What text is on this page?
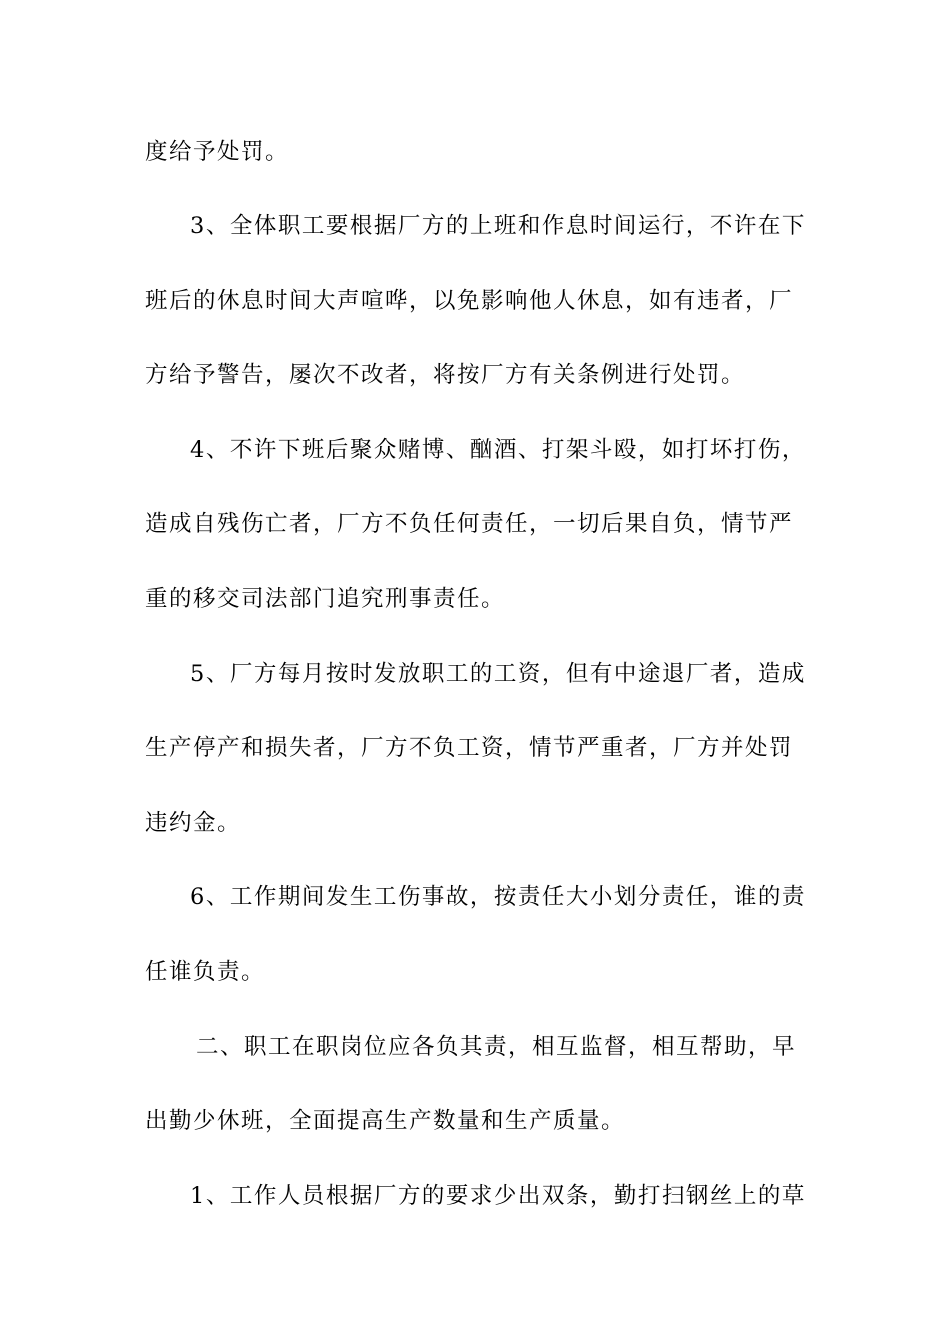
度给予处罚。

3、全体职工要根据厂方的上班和作息时间运行，不许在下

班后的休息时间大声喧哗，以免影响他人休息，如有违者，厂

方给予警告，屡次不改者，将按厂方有关条例进行处罚。

4、不许下班后聚众赌博、酗酒、打架斗殴，如打坏打伤，

造成自残伤亡者，厂方不负任何责任，一切后果自负，情节严

重的移交司法部门追究刑事责任。

5、厂方每月按时发放职工的工资，但有中途退厂者，造成

生产停产和损失者，厂方不负工资，情节严重者，厂方并处罚

违约金。

6、工作期间发生工伤事故，按责任大小划分责任，谁的责

任谁负责。

二、职工在职岗位应各负其责，相互监督，相互帮助，早

出勤少休班，全面提高生产数量和生产质量。

1、工作人员根据厂方的要求少出双条，勤打扫钢丝上的草
